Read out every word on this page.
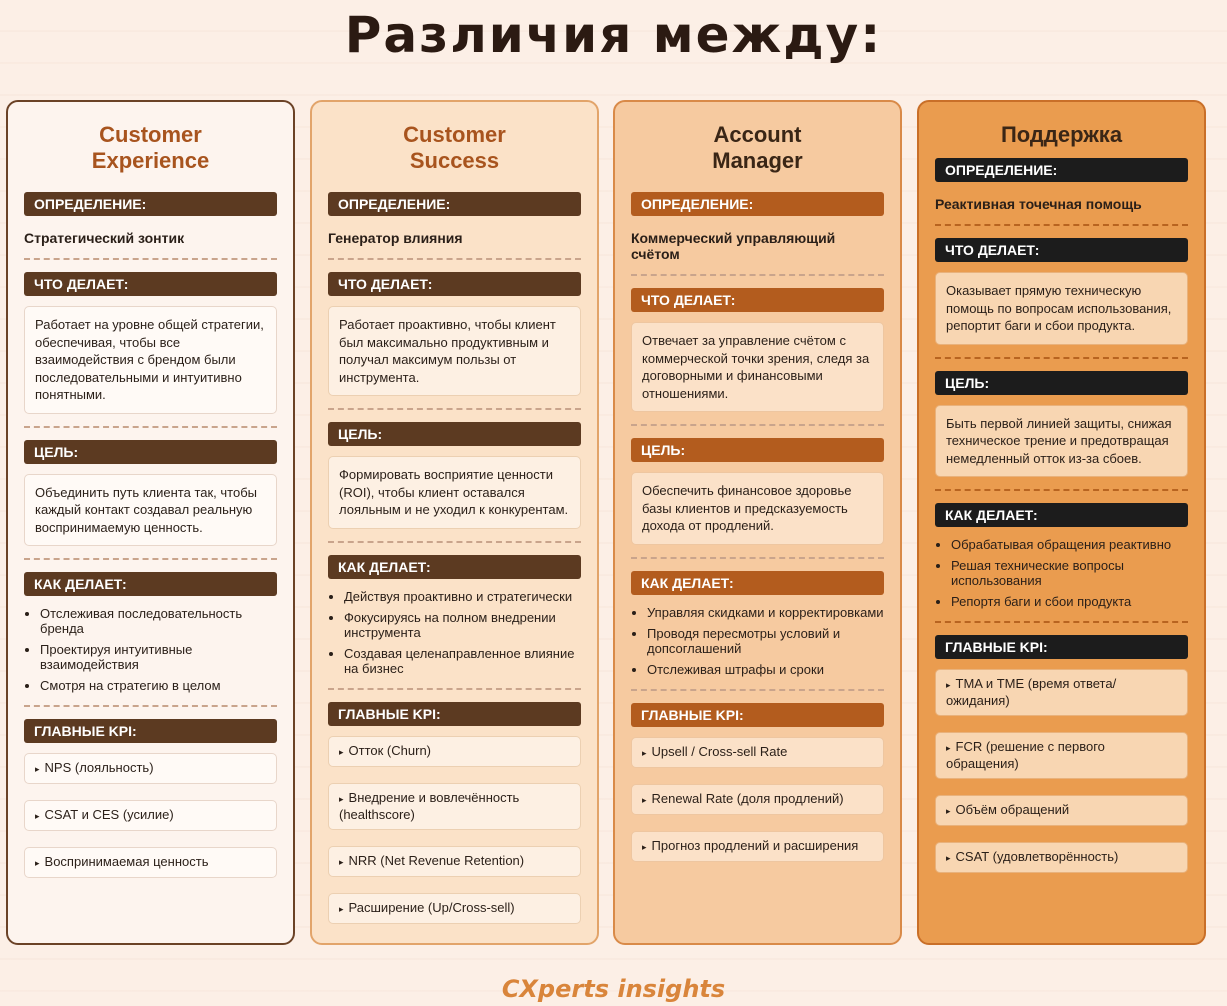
Различия между:
Customer
Experience
ОПРЕДЕЛЕНИЕ:
Стратегический зонтик
ЧТО ДЕЛАЕТ:
Работает на уровне общей стратегии, обеспечивая, чтобы все взаимодействия с брендом были последовательными и интуитивно понятными.
ЦЕЛЬ:
Объединить путь клиента так, чтобы каждый контакт создавал реальную воспринимаемую ценность.
КАК ДЕЛАЕТ:
• Отслеживая последовательность бренда
• Проектируя интуитивные взаимодействия
• Смотря на стратегию в целом
ГЛАВНЫЕ KPI:
▸ NPS (лояльность)
▸ CSAT и CES (усилие)
▸ Воспринимаемая ценность
Customer
Success
ОПРЕДЕЛЕНИЕ:
Генератор влияния
ЧТО ДЕЛАЕТ:
Работает проактивно, чтобы клиент был максимально продуктивным и получал максимум пользы от инструмента.
ЦЕЛЬ:
Формировать восприятие ценности (ROI), чтобы клиент оставался лояльным и не уходил к конкурентам.
КАК ДЕЛАЕТ:
• Действуя проактивно и стратегически
• Фокусируясь на полном внедрении инструмента
• Создавая целенаправленное влияние на бизнес
ГЛАВНЫЕ KPI:
▸ Отток (Churn)
▸ Внедрение и вовлечённость (healthscore)
▸ NRR (Net Revenue Retention)
▸ Расширение (Up/Cross-sell)
Account
Manager
ОПРЕДЕЛЕНИЕ:
Коммерческий управляющий счётом
ЧТО ДЕЛАЕТ:
Отвечает за управление счётом с коммерческой точки зрения, следя за договорными и финансовыми отношениями.
ЦЕЛЬ:
Обеспечить финансовое здоровье базы клиентов и предсказуемость дохода от продлений.
КАК ДЕЛАЕТ:
• Управляя скидками и корректировками
• Проводя пересмотры условий и допсоглашений
• Отслеживая штрафы и сроки
ГЛАВНЫЕ KPI:
▸ Upsell / Cross-sell Rate
▸ Renewal Rate (доля продлений)
▸ Прогноз продлений и расширения
Поддержка
ОПРЕДЕЛЕНИЕ:
Реактивная точечная помощь
ЧТО ДЕЛАЕТ:
Оказывает прямую техническую помощь по вопросам использования, репортит баги и сбои продукта.
ЦЕЛЬ:
Быть первой линией защиты, снижая техническое трение и предотвращая немедленный отток из-за сбоев.
КАК ДЕЛАЕТ:
• Обрабатывая обращения реактивно
• Решая технические вопросы использования
• Репортя баги и сбои продукта
ГЛАВНЫЕ KPI:
▸ TMA и TME (время ответа/ ожидания)
▸ FCR (решение с первого обращения)
▸ Объём обращений
▸ CSAT (удовлетворённость)
CXperts insights
